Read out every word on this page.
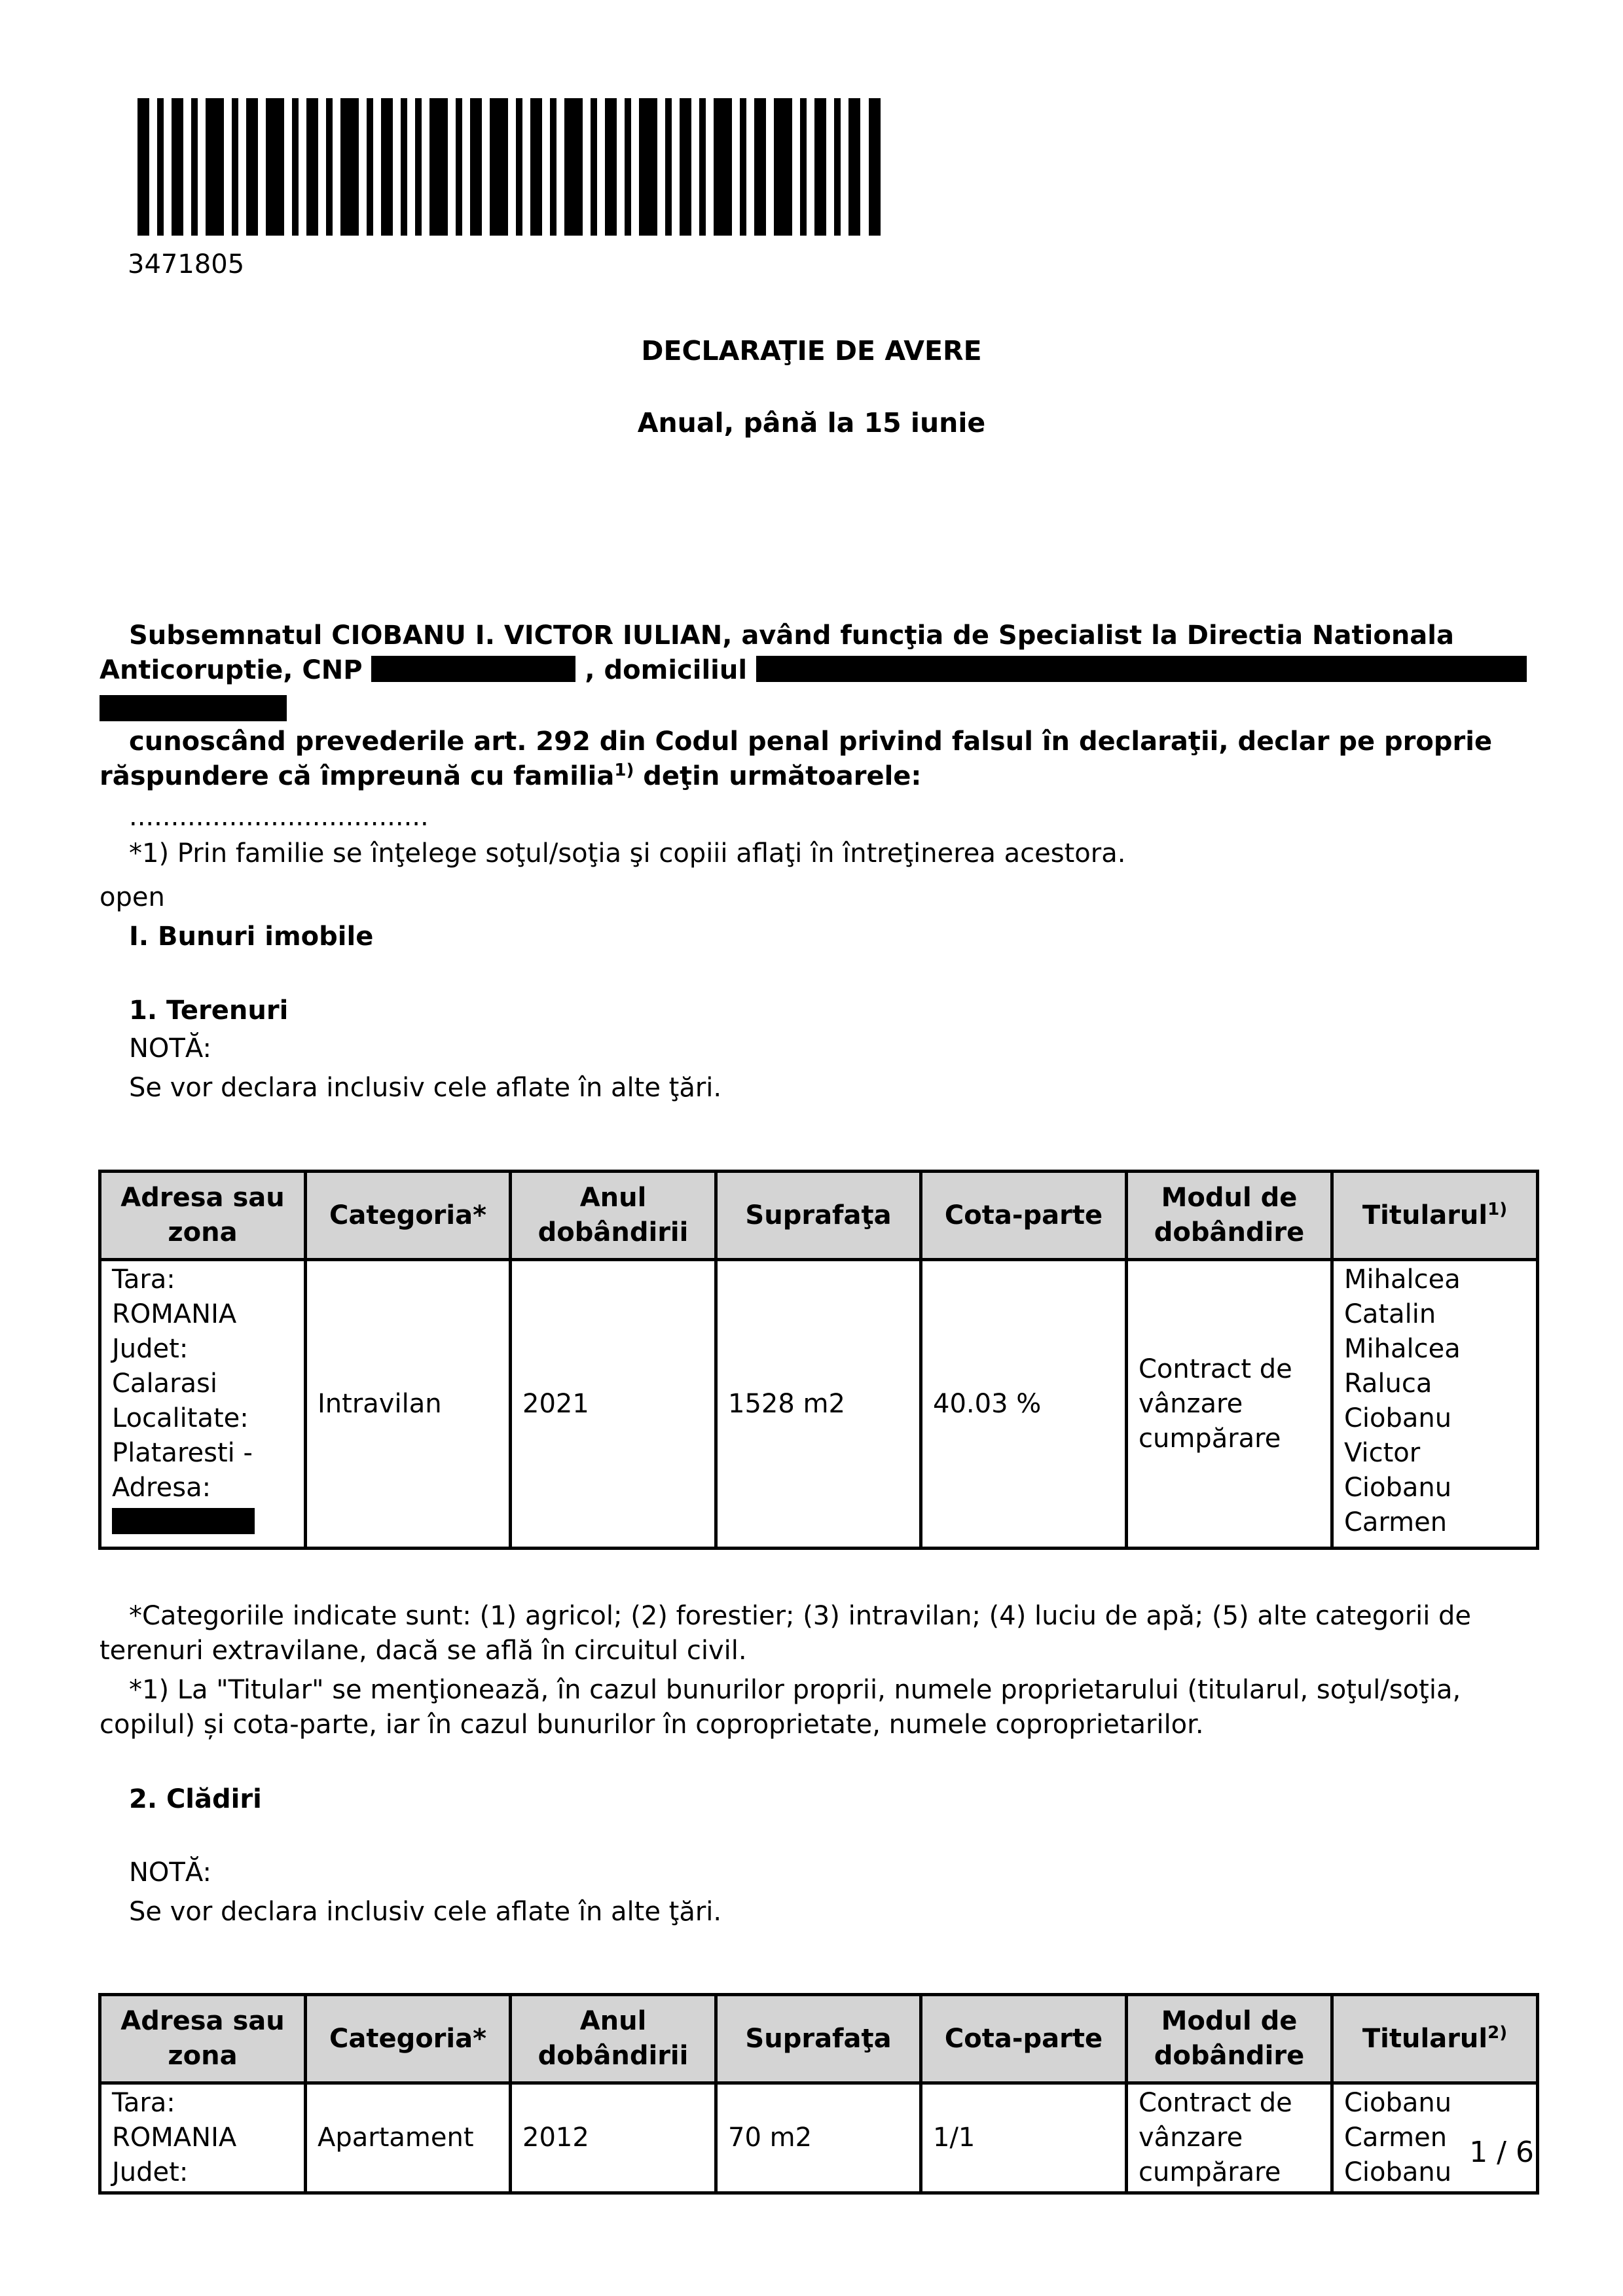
3471805
DECLARAŢIE DE AVERE
Anual, până la 15 iunie
Subsemnatul CIOBANU I. VICTOR IULIAN, având funcţia de Specialist la Directia Nationala Anticoruptie, CNP	, domiciliul
cunoscând prevederile art. 292 din Codul penal privind falsul în declaraţii, declar pe proprie răspundere că împreună cu familia$^{1)}$ deţin următoarele:
....................................
*1) Prin familie se înţelege soţul/soţia şi copiii aflaţi în întreţinerea acestora.
open
I. Bunuri imobile
1. Terenuri
NOTĂ:
Se vor declara inclusiv cele aflate în alte ţări.
Adresa sau zona	Categoria*	Anul dobândirii	Suprafaţa	Cota-parte	Modul de dobândire	Titularul$^{1)}$

Tara: ROMANIA Judet: Calarasi Localitate: Plataresti - Adresa:	Intravilan	2021	1528 m2	40.03 %	Contract de vânzare cumpărare	Mihalcea Catalin Mihalcea Raluca Ciobanu Victor Ciobanu Carmen
*Categoriile indicate sunt: (1) agricol; (2) forestier; (3) intravilan; (4) luciu de apă; (5) alte categorii de terenuri extravilane, dacă se află în circuitul civil.
*1) La "Titular" se menţionează, în cazul bunurilor proprii, numele proprietarului (titularul, soţul/soţia, copilul) și cota-parte, iar în cazul bunurilor în coproprietate, numele coproprietarilor.
2. Clădiri
NOTĂ:
Se vor declara inclusiv cele aflate în alte ţări.
Adresa sau zona	Categoria*	Anul dobândirii	Suprafaţa	Cota-parte	Modul de dobândire	Titularul$^{2)}$
Tara: ROMANIA Judet:	Apartament	2012	70 m2	1/1	Contract de vânzare cumpărare	Ciobanu Carmen Ciobanu
1 / 6
